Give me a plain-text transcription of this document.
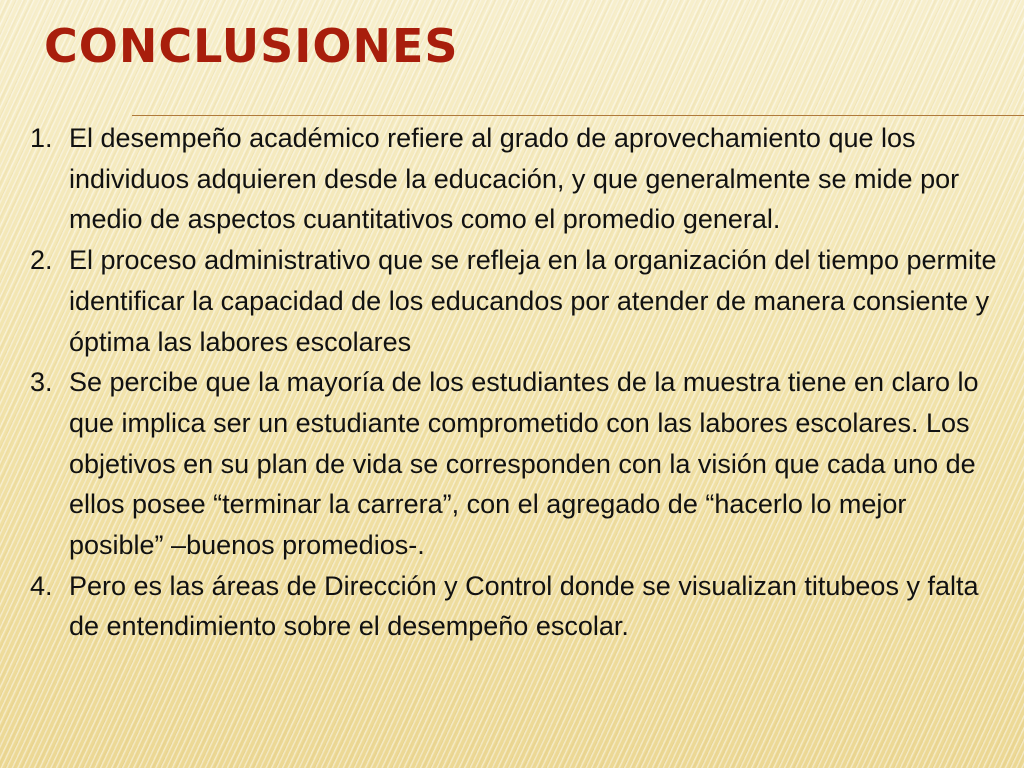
CONCLUSIONES
1. El desempeño académico refiere al grado de aprovechamiento que los individuos adquieren desde la educación, y que generalmente se mide por medio de aspectos cuantitativos como el promedio general.
2. El proceso administrativo que se refleja en la organización del tiempo permite identificar la capacidad de los educandos por atender de manera consiente y óptima las labores escolares
3. Se percibe que la mayoría de los estudiantes de la muestra tiene en claro lo que implica ser un estudiante comprometido con las labores escolares. Los objetivos en su plan de vida se corresponden con la visión que cada uno de ellos posee “terminar la carrera”, con el agregado de “hacerlo lo mejor posible” –buenos promedios-.
4. Pero es las áreas de Dirección y Control donde se visualizan titubeos y falta de entendimiento sobre el desempeño escolar.
